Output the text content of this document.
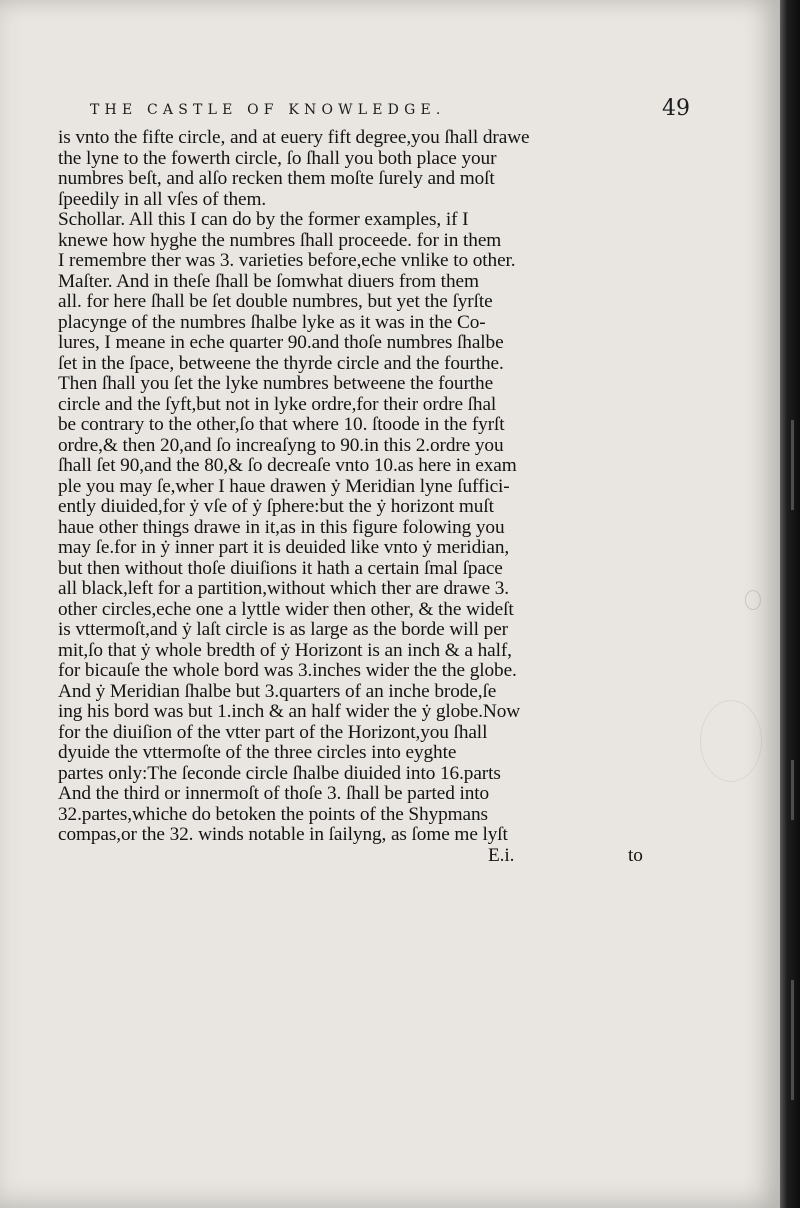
THE CASTLE OF KNOWLEDGE.	49
is vnto the fifte circle, and at euery fift degree,you ſhall drawe
the lyne to the fowerth circle, ſo ſhall you both place your
numbres beſt, and alſo recken them moſte ſurely and moſt
ſpeedily in all vſes of them.
Schollar. All this I can do by the former examples, if I
knewe how hyghe the numbres ſhall proceede. for in them
I remembre ther was 3. varieties before,eche vnlike to other.
Maſter. And in theſe ſhall be ſomwhat diuers from them
all. for here ſhall be ſet double numbres, but yet the ſyrſte
placynge of the numbres ſhalbe lyke as it was in the Co-
lures, I meane in eche quarter 90.and thoſe numbres ſhalbe
ſet in the ſpace, betweene the thyrde circle and the fourthe.
Then ſhall you ſet the lyke numbres betweene the fourthe
circle and the ſyft,but not in lyke ordre,for their ordre ſhal
be contrary to the other,ſo that where 10. ſtoode in the fyrſt
ordre,& then 20,and ſo increaſyng to 90.in this 2.ordre you
ſhall ſet 90,and the 80,& ſo decreaſe vnto 10.as here in exam
ple you may ſe,wher I haue drawen ẏ Meridian lyne ſuffici-
ently diuided,for ẏ vſe of ẏ ſphere:but the ẏ horizont muſt
haue other things drawe in it,as in this figure folowing you
may ſe.for in ẏ inner part it is deuided like vnto ẏ meridian,
but then without thoſe diuiſions it hath a certain ſmal ſpace
all black,left for a partition,without which ther are drawe 3.
other circles,eche one a lyttle wider then other, & the wideſt
is vttermoſt,and ẏ laſt circle is as large as the borde will per
mit,ſo that ẏ whole bredth of ẏ Horizont is an inch & a half,
for bicauſe the whole bord was 3.inches wider the the globe.
And ẏ Meridian ſhalbe but 3.quarters of an inche brode,ſe
ing his bord was but 1.inch & an half wider the ẏ globe.Now
for the diuiſion of the vtter part of the Horizont,you ſhall
dyuide the vttermoſte of the three circles into eyghte
partes only:The ſeconde circle ſhalbe diuided into 16.parts
And the third or innermoſt of thoſe 3. ſhall be parted into
32.partes,whiche do betoken the points of the Shypmans
compas,or the 32. winds notable in ſailyng, as ſome me lyſt

E.i.	to
